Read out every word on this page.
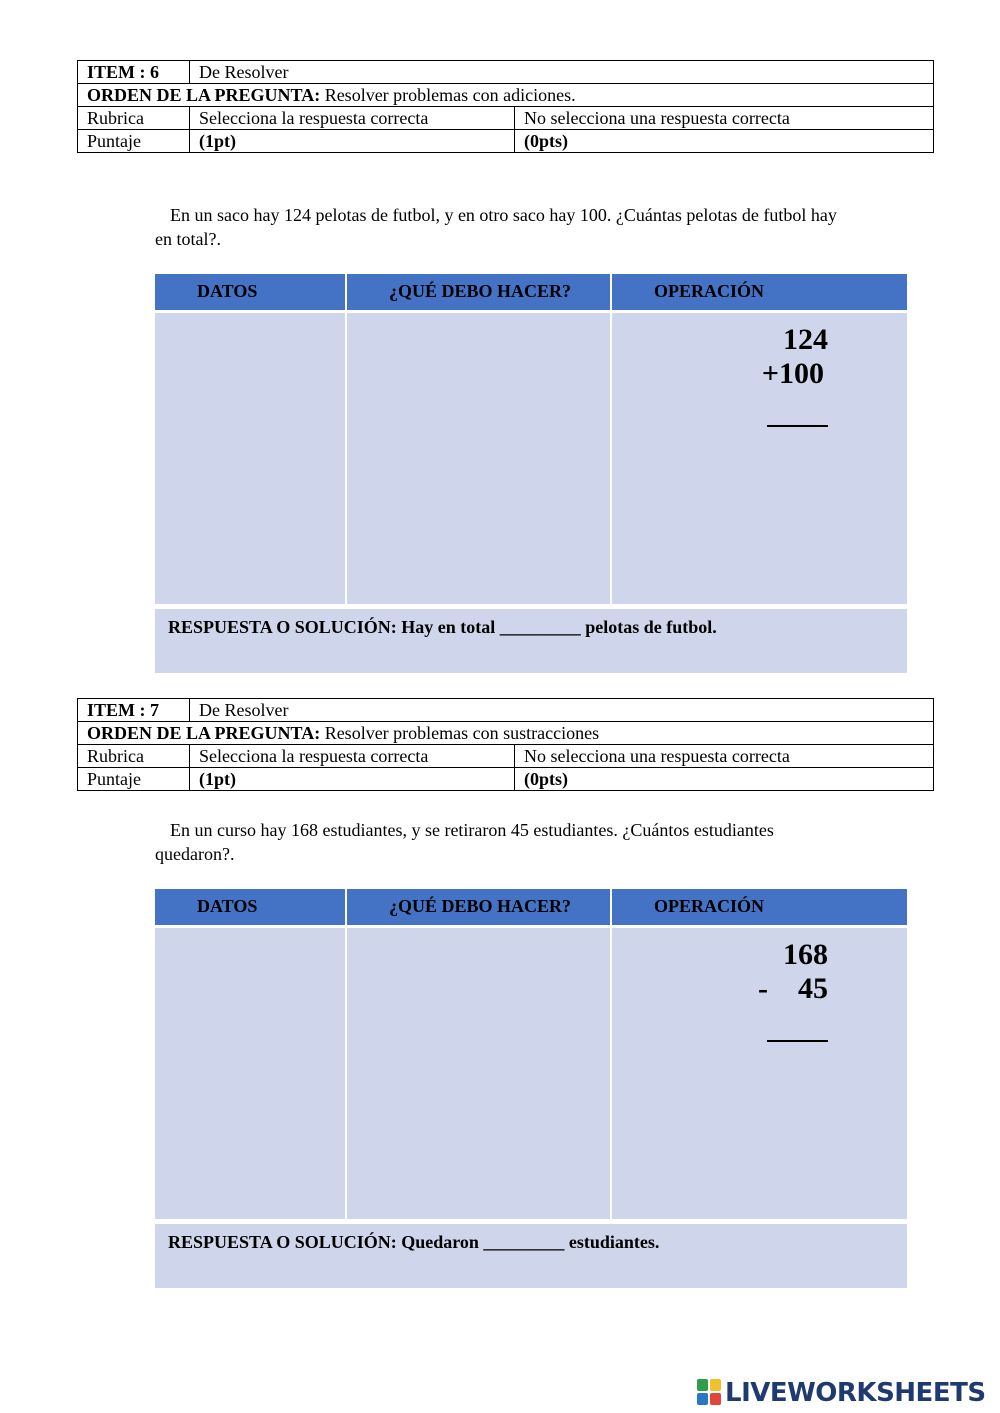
ITEM : 6	De Resolver	
ORDEN DE LA PREGUNTA: Resolver problemas con adiciones.		
Rubrica	Selecciona la respuesta correcta	No selecciona una respuesta correcta
Puntaje	(1pt)	(0pts)
En un saco hay 124 pelotas de futbol, y en otro saco hay 100. ¿Cuántas pelotas de futbol hay en total?.
DATOS	¿QUÉ DEBO HACER?	OPERACIÓN
124
+100
RESPUESTA O SOLUCIÓN: Hay en total _________ pelotas de futbol.
ITEM : 7	De Resolver	
ORDEN DE LA PREGUNTA: Resolver problemas con sustracciones		
Rubrica	Selecciona la respuesta correcta	No selecciona una respuesta correcta
Puntaje	(1pt)	(0pts)
En un curso hay 168 estudiantes, y se retiraron 45 estudiantes. ¿Cuántos estudiantes quedaron?.
DATOS	¿QUÉ DEBO HACER?	OPERACIÓN
168
-    45
RESPUESTA O SOLUCIÓN: Quedaron _________ estudiantes.
LIVEWORKSHEETS
